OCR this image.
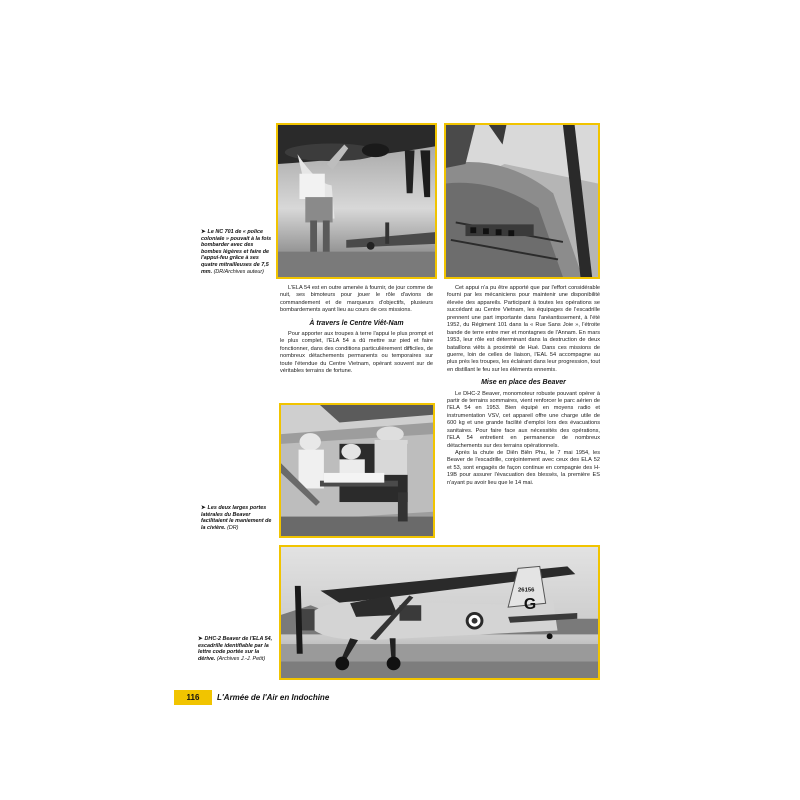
➤ Le NC 701 de « police coloniale » pouvait à la fois bombarder avec des bombes légères et faire de l'appui-feu grâce à ses quatre mitrailleuses de 7,5 mm. (DR/Archives auteur)

L'ELA 54 est en outre amenée à fournir, de jour comme de nuit, ses bimoteurs pour jouer le rôle d'avions de commandement et de marqueurs d'objectifs, plusieurs bombardements ayant lieu au cours de ces missions.

À travers le Centre Viêt-Nam

Pour apporter aux troupes à terre l'appui le plus prompt et le plus complet, l'ELA 54 a dû mettre sur pied et faire fonctionner, dans des conditions particulièrement difficiles, de nombreux détachements permanents ou temporaires sur toute l'étendue du Centre Vietnam, opérant souvent sur de véritables terrains de fortune.

Cet appui n'a pu être apporté que par l'effort considérable fourni par les mécaniciens pour maintenir une disponibilité élevée des appareils. Participant à toutes les opérations se succédant au Centre Vietnam, les équipages de l'escadrille prennent une part importante dans l'anéantissement, à l'été 1952, du Régiment 101 dans la « Rue Sans Joie », l'étroite bande de terre entre mer et montagnes de l'Annam. En mars 1953, leur rôle est déterminant dans la destruction de deux bataillons viêts à proximité de Hué. Dans ces missions de guerre, loin de celles de liaison, l'EAL 54 accompagne au plus près les troupes, les éclairant dans leur progression, tout en distillant le feu sur les éléments ennemis.

Mise en place des Beaver

Le DHC-2 Beaver, monomoteur robuste pouvant opérer à partir de terrains sommaires, vient renforcer le parc aérien de l'ELA 54 en 1953. Bien équipé en moyens radio et instrumentation VSV, cet appareil offre une charge utile de 600 kg et une grande facilité d'emploi lors des évacuations sanitaires. Pour faire face aux nécessités des opérations, l'ELA 54 entretient en permanence de nombreux détachements sur des terrains opérationnels.

Après la chute de Diên Biên Phu, le 7 mai 1954, les Beaver de l'escadrille, conjointement avec ceux des ELA 52 et 53, sont engagés de façon continue en compagnie des H-19B pour assurer l'évacuation des blessés, la première ES n'ayant pu avoir lieu que le 14 mai.

➤ Les deux larges portes latérales du Beaver facilitaient le maniement de la civière. (DR)
26156
G
➤ DHC-2 Beaver de l'ELA 54, escadrille identifiable par la lettre code portée sur la dérive. (Archives J.-J. Petit)
116	L'Armée de l'Air en Indochine
